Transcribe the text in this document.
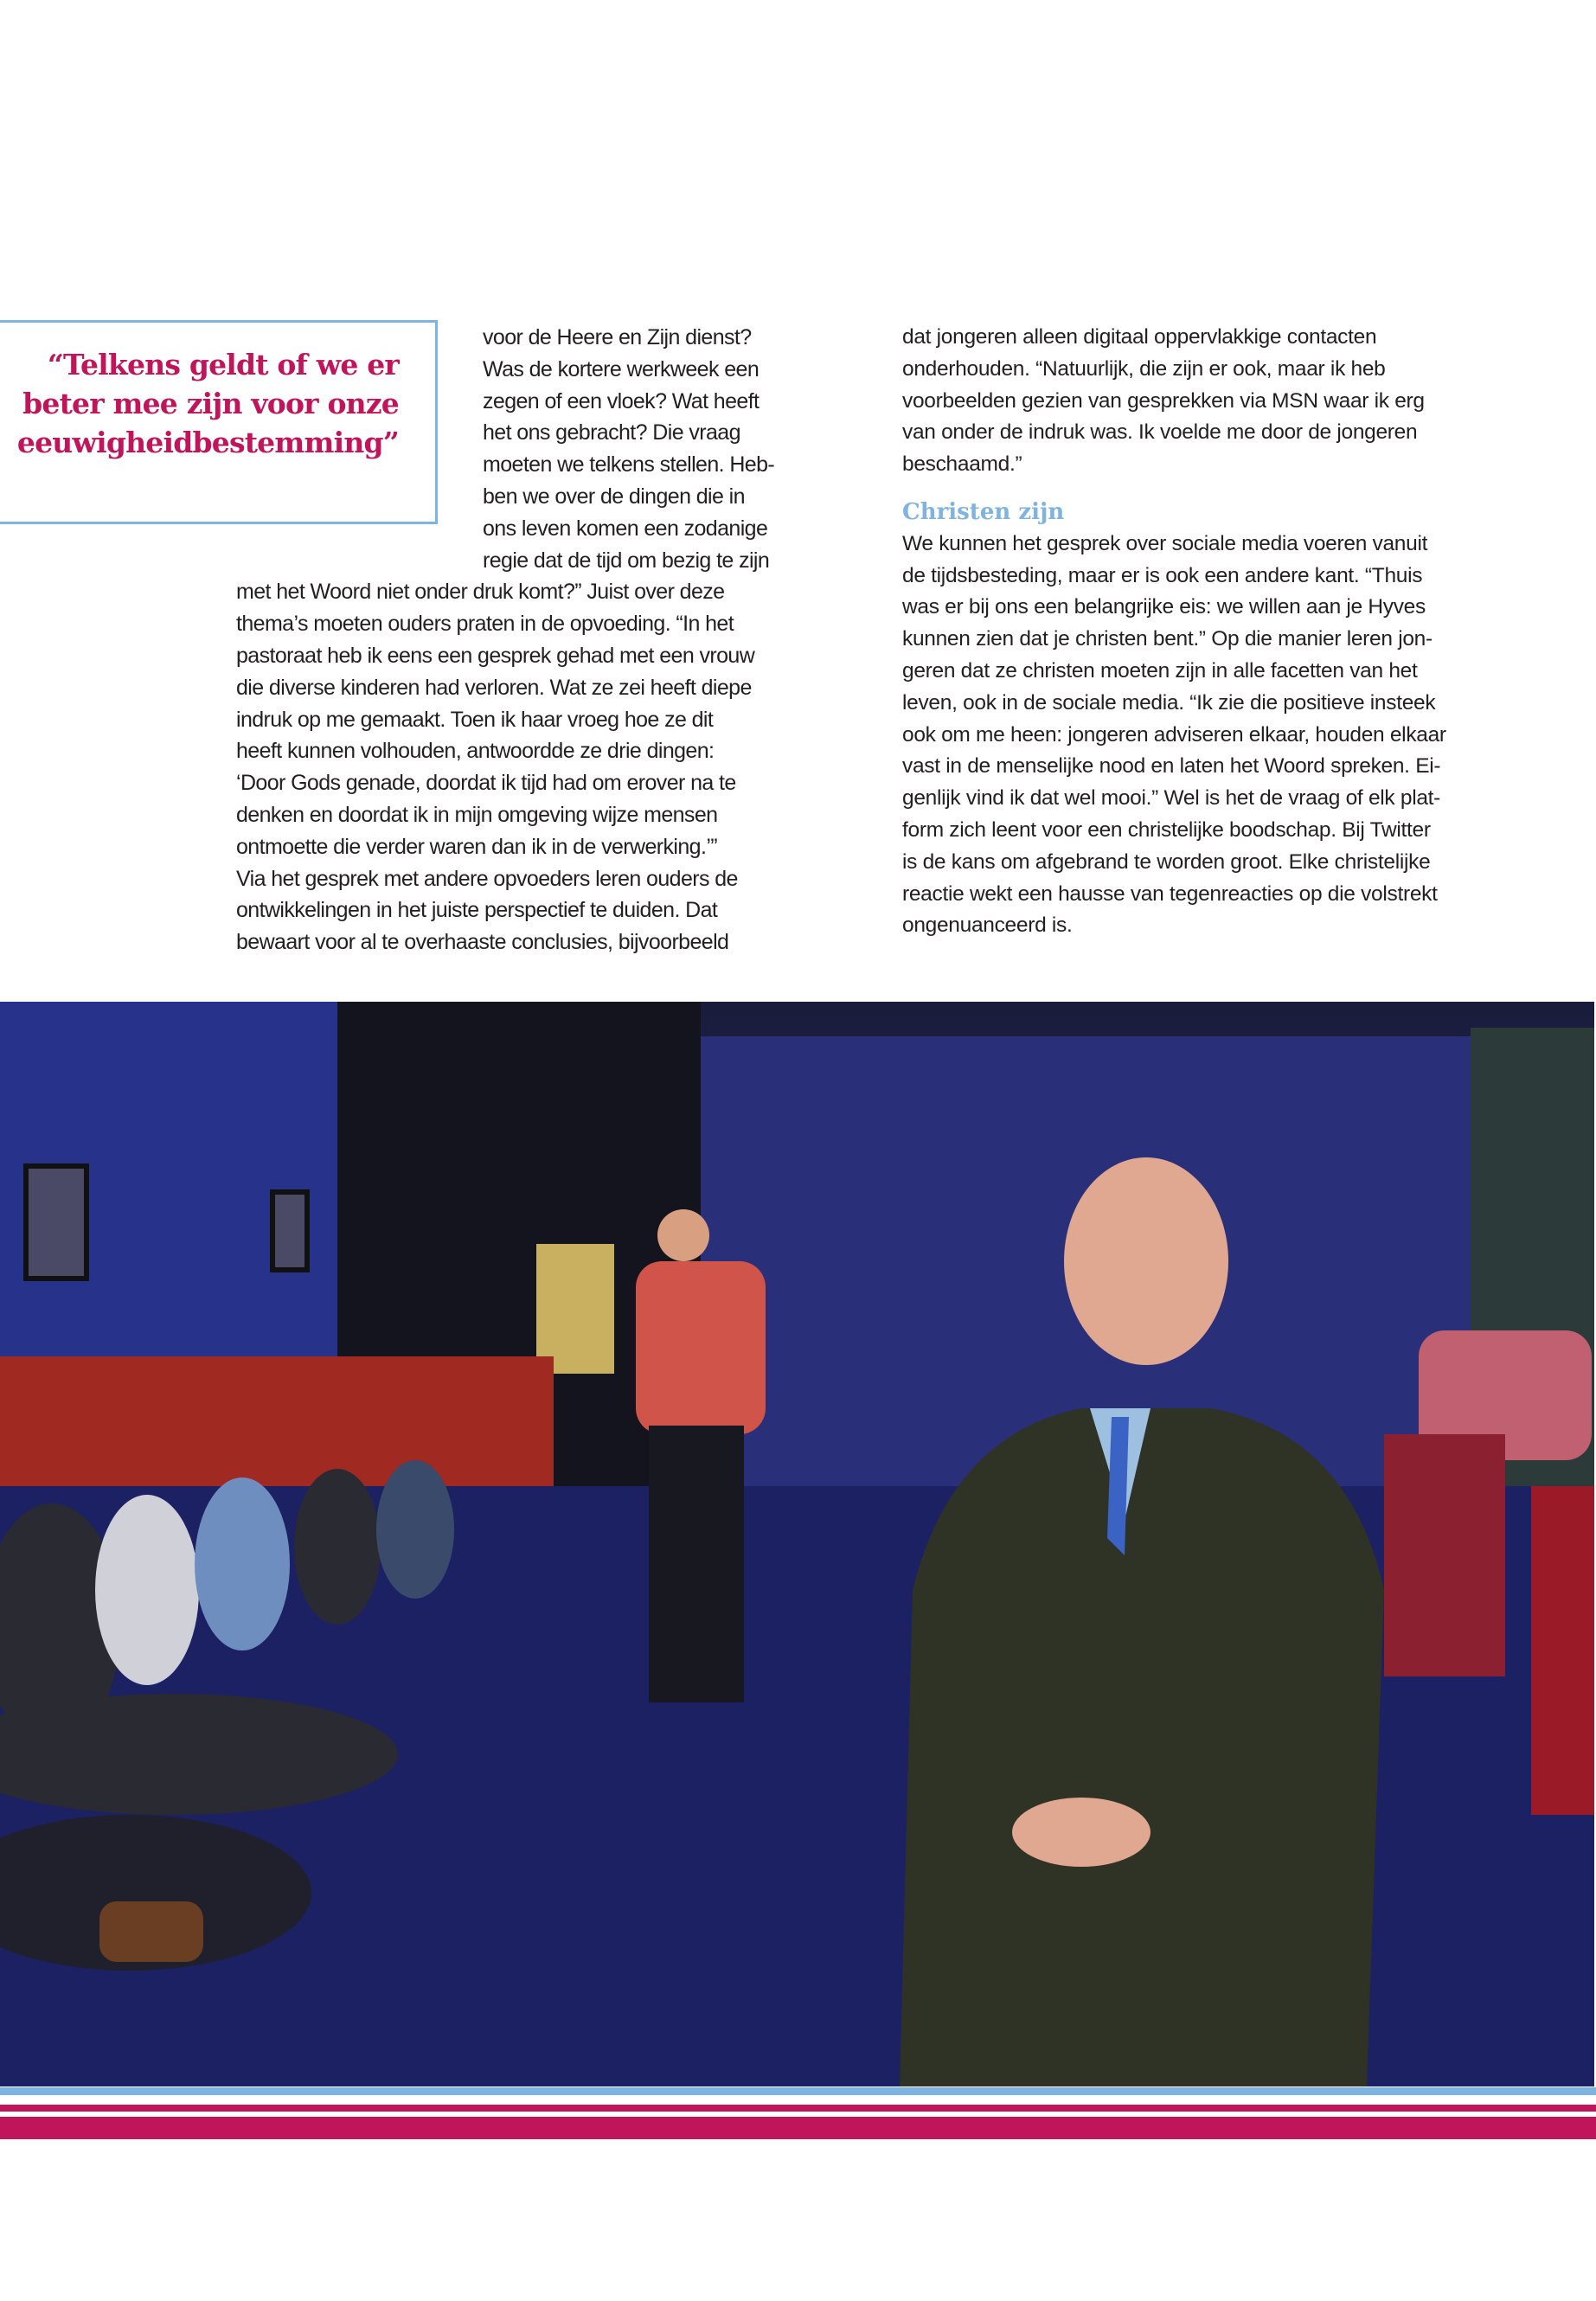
“Telkens geldt of we er
beter mee zijn voor onze
eeuwigheidbestemming”
voor de Heere en Zijn dienst?
Was de kortere werkweek een
zegen of een vloek? Wat heeft
het ons gebracht? Die vraag
moeten we telkens stellen. Heb-
ben we over de dingen die in
ons leven komen een zodanige
regie dat de tijd om bezig te zijn
met het Woord niet onder druk komt?” Juist over deze
thema’s moeten ouders praten in de opvoeding. “In het
pastoraat heb ik eens een gesprek gehad met een vrouw
die diverse kinderen had verloren. Wat ze zei heeft diepe
indruk op me gemaakt. Toen ik haar vroeg hoe ze dit
heeft kunnen volhouden, antwoordde ze drie dingen:
‘Door Gods genade, doordat ik tijd had om erover na te
denken en doordat ik in mijn omgeving wijze mensen
ontmoette die verder waren dan ik in de verwerking.’”
Via het gesprek met andere opvoeders leren ouders de
ontwikkelingen in het juiste perspectief te duiden. Dat
bewaart voor al te overhaaste conclusies, bijvoorbeeld
dat jongeren alleen digitaal oppervlakkige contacten
onderhouden. “Natuurlijk, die zijn er ook, maar ik heb
voorbeelden gezien van gesprekken via MSN waar ik erg
van onder de indruk was. Ik voelde me door de jongeren
beschaamd.”
Christen zijn
We kunnen het gesprek over sociale media voeren vanuit
de tijdsbesteding, maar er is ook een andere kant. “Thuis
was er bij ons een belangrijke eis: we willen aan je Hyves
kunnen zien dat je christen bent.” Op die manier leren jon-
geren dat ze christen moeten zijn in alle facetten van het
leven, ook in de sociale media. “Ik zie die positieve insteek
ook om me heen: jongeren adviseren elkaar, houden elkaar
vast in de menselijke nood en laten het Woord spreken. Ei-
genlijk vind ik dat wel mooi.” Wel is het de vraag of elk plat-
form zich leent voor een christelijke boodschap. Bij Twitter
is de kans om afgebrand te worden groot. Elke christelijke
reactie wekt een hausse van tegenreacties op die volstrekt
ongenuanceerd is.
